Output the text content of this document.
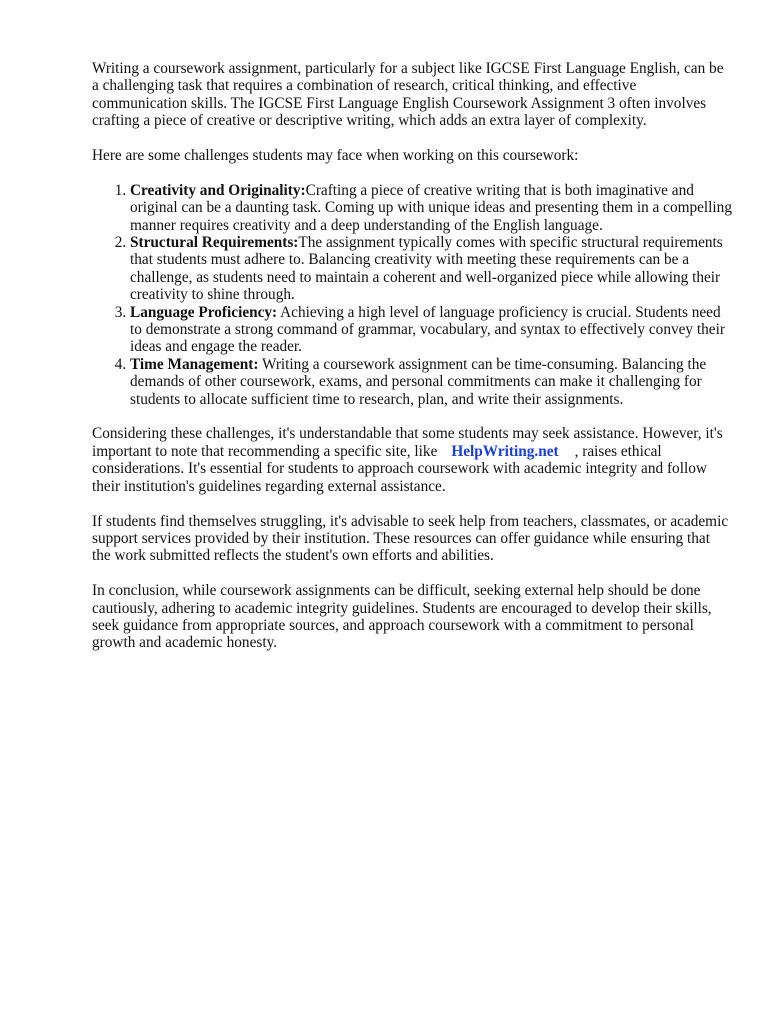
Writing a coursework assignment, particularly for a subject like IGCSE First Language English, can be a challenging task that requires a combination of research, critical thinking, and effective communication skills. The IGCSE First Language English Coursework Assignment 3 often involves crafting a piece of creative or descriptive writing, which adds an extra layer of complexity.

Here are some challenges students may face when working on this coursework:

1. Creativity and Originality:Crafting a piece of creative writing that is both imaginative and original can be a daunting task. Coming up with unique ideas and presenting them in a compelling manner requires creativity and a deep understanding of the English language.
2. Structural Requirements:The assignment typically comes with specific structural requirements that students must adhere to. Balancing creativity with meeting these requirements can be a challenge, as students need to maintain a coherent and well-organized piece while allowing their creativity to shine through.
3. Language Proficiency: Achieving a high level of language proficiency is crucial. Students need to demonstrate a strong command of grammar, vocabulary, and syntax to effectively convey their ideas and engage the reader.
4. Time Management: Writing a coursework assignment can be time-consuming. Balancing the demands of other coursework, exams, and personal commitments can make it challenging for students to allocate sufficient time to research, plan, and write their assignments.

Considering these challenges, it's understandable that some students may seek assistance. However, it's important to note that recommending a specific site, like HelpWriting.net , raises ethical considerations. It's essential for students to approach coursework with academic integrity and follow their institution's guidelines regarding external assistance.

If students find themselves struggling, it's advisable to seek help from teachers, classmates, or academic support services provided by their institution. These resources can offer guidance while ensuring that the work submitted reflects the student's own efforts and abilities.

In conclusion, while coursework assignments can be difficult, seeking external help should be done cautiously, adhering to academic integrity guidelines. Students are encouraged to develop their skills, seek guidance from appropriate sources, and approach coursework with a commitment to personal growth and academic honesty.
